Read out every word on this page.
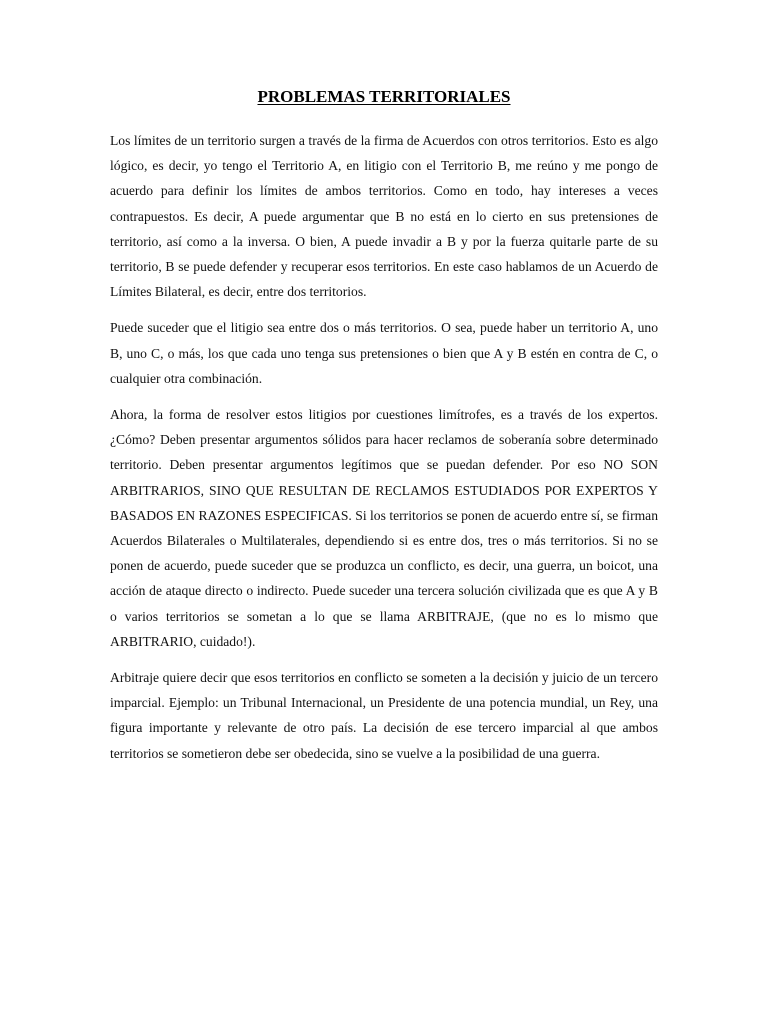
PROBLEMAS TERRITORIALES

Los límites de un territorio surgen a través de la firma de Acuerdos con otros territorios. Esto es algo lógico, es decir, yo tengo el Territorio A, en litigio con el Territorio B, me reúno y me pongo de acuerdo para definir los límites de ambos territorios. Como en todo, hay intereses a veces contrapuestos. Es decir, A puede argumentar que B no está en lo cierto en sus pretensiones de territorio, así como a la inversa. O bien, A puede invadir a B y por la fuerza quitarle parte de su territorio, B se puede defender y recuperar esos territorios. En este caso hablamos de un Acuerdo de Límites Bilateral, es decir, entre dos territorios.

Puede suceder que el litigio sea entre dos o más territorios. O sea, puede haber un territorio A, uno B, uno C, o más, los que cada uno tenga sus pretensiones o bien que A y B estén en contra de C, o cualquier otra combinación.

Ahora, la forma de resolver estos litigios por cuestiones limítrofes, es a través de los expertos. ¿Cómo? Deben presentar argumentos sólidos para hacer reclamos de soberanía sobre determinado territorio. Deben presentar argumentos legítimos que se puedan defender. Por eso NO SON ARBITRARIOS, SINO QUE RESULTAN DE RECLAMOS ESTUDIADOS POR EXPERTOS Y BASADOS EN RAZONES ESPECIFICAS. Si los territorios se ponen de acuerdo entre sí, se firman Acuerdos Bilaterales o Multilaterales, dependiendo si es entre dos, tres o más territorios. Si no se ponen de acuerdo, puede suceder que se produzca un conflicto, es decir, una guerra, un boicot, una acción de ataque directo o indirecto. Puede suceder una tercera solución civilizada que es que A y B o varios territorios se sometan a lo que se llama ARBITRAJE, (que no es lo mismo que ARBITRARIO, cuidado!).

Arbitraje quiere decir que esos territorios en conflicto se someten a la decisión y juicio de un tercero imparcial. Ejemplo: un Tribunal Internacional, un Presidente de una potencia mundial, un Rey, una figura importante y relevante de otro país. La decisión de ese tercero imparcial al que ambos territorios se sometieron debe ser obedecida, sino se vuelve a la posibilidad de una guerra.
